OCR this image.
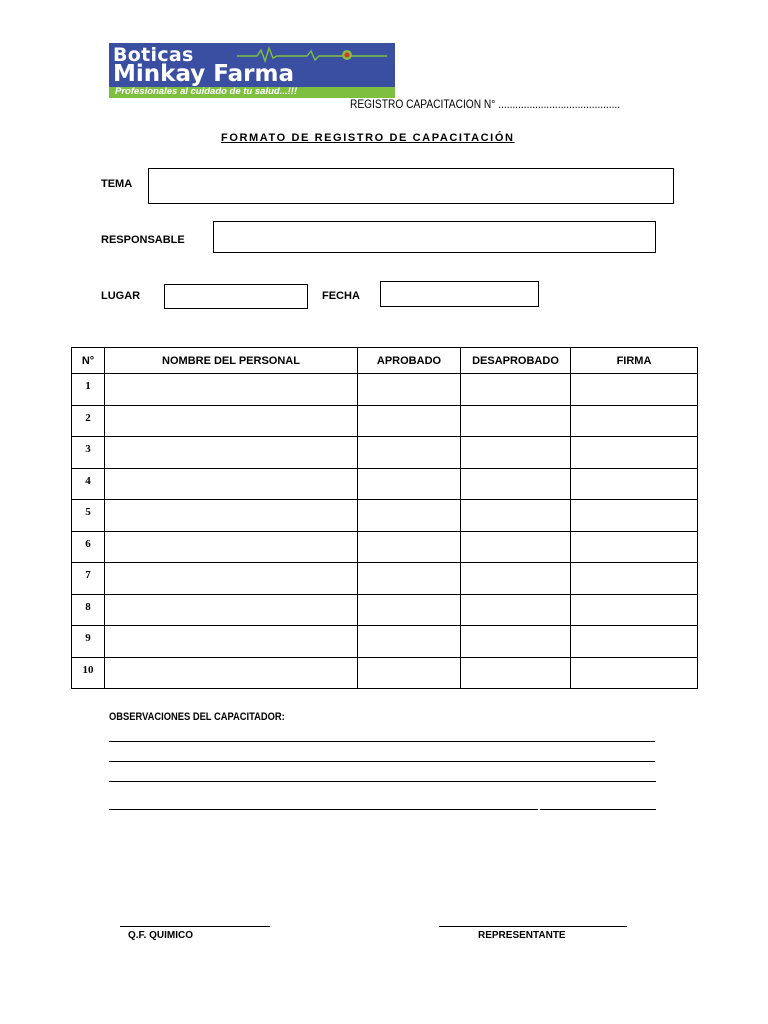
Boticas
Minkay Farma
Profesionales al cuidado de tu salud...!!!
REGISTRO CAPACITACION N° ...........................................
FORMATO DE REGISTRO DE CAPACITACIÓN
TEMA
RESPONSABLE
LUGAR	FECHA
N°	NOMBRE DEL PERSONAL	APROBADO	DESAPROBADO	FIRMA
1				
2				
3				
4				
5				
6				
7				
8				
9				
10				
OBSERVACIONES DEL CAPACITADOR:
Q.F. QUIMICO	REPRESENTANTE
